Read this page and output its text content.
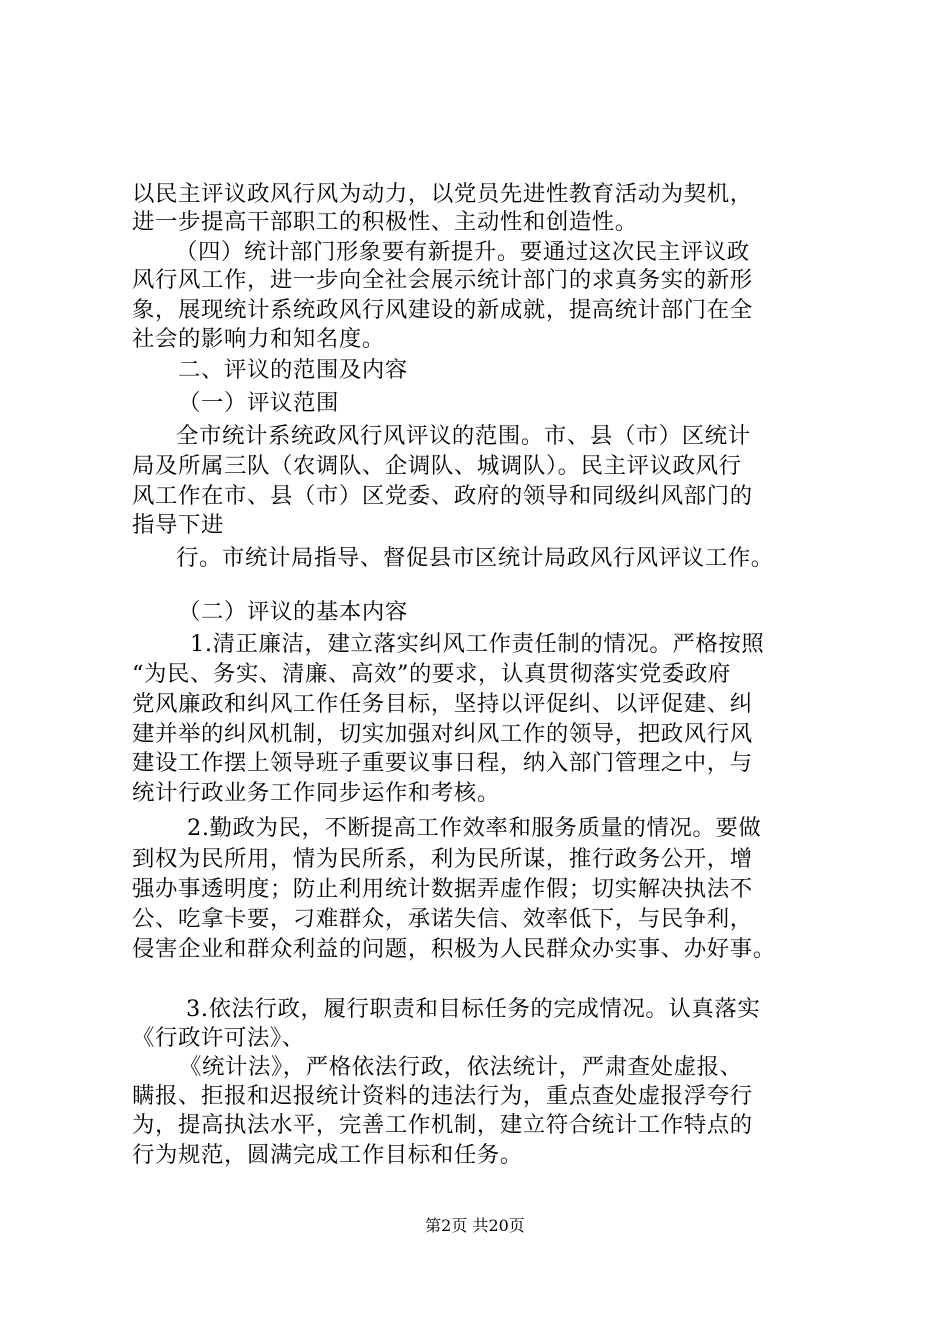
以民主评议政风行风为动力，以党员先进性教育活动为契机，
进一步提高干部职工的积极性、主动性和创造性。
（四）统计部门形象要有新提升。要通过这次民主评议政
风行风工作，进一步向全社会展示统计部门的求真务实的新形
象，展现统计系统政风行风建设的新成就，提高统计部门在全
社会的影响力和知名度。
二、评议的范围及内容
（一）评议范围
全市统计系统政风行风评议的范围。市、县（市）区统计
局及所属三队（农调队、企调队、城调队）。民主评议政风行
风工作在市、县（市）区党委、政府的领导和同级纠风部门的
指导下进
行。市统计局指导、督促县市区统计局政风行风评议工作。
（二）评议的基本内容
1.清正廉洁，建立落实纠风工作责任制的情况。严格按照
“为民、务实、清廉、高效”的要求，认真贯彻落实党委政府
党风廉政和纠风工作任务目标，坚持以评促纠、以评促建、纠
建并举的纠风机制，切实加强对纠风工作的领导，把政风行风
建设工作摆上领导班子重要议事日程，纳入部门管理之中，与
统计行政业务工作同步运作和考核。
2.勤政为民，不断提高工作效率和服务质量的情况。要做
到权为民所用，情为民所系，利为民所谋，推行政务公开，增
强办事透明度；防止利用统计数据弄虚作假；切实解决执法不
公、吃拿卡要，刁难群众，承诺失信、效率低下，与民争利，
侵害企业和群众利益的问题，积极为人民群众办实事、办好事。
3.依法行政，履行职责和目标任务的完成情况。认真落实
《行政许可法》、
《统计法》，严格依法行政，依法统计，严肃查处虚报、
瞒报、拒报和迟报统计资料的违法行为，重点查处虚报浮夸行
为，提高执法水平，完善工作机制，建立符合统计工作特点的
行为规范，圆满完成工作目标和任务。
第2页 共20页
